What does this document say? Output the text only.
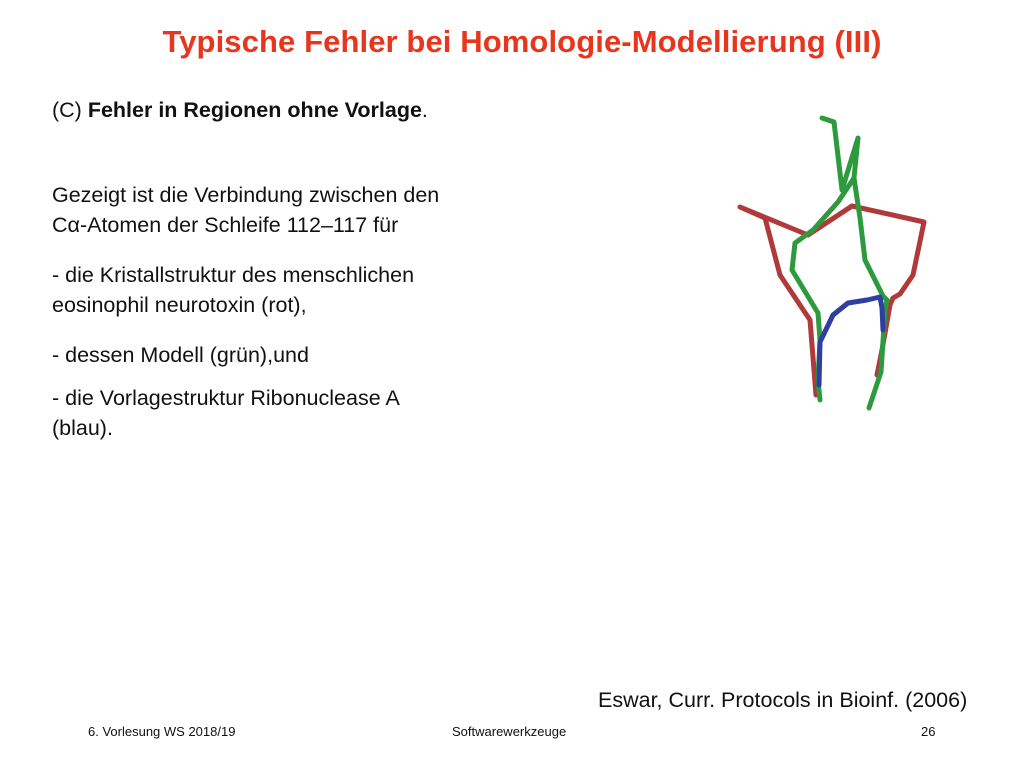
Typische Fehler bei Homologie-Modellierung (III)
(C) Fehler in Regionen ohne Vorlage.
Gezeigt ist die Verbindung zwischen den
Cα-Atomen der Schleife 112–117 für
- die Kristallstruktur des menschlichen
eosinophil neurotoxin (rot),
- dessen Modell (grün),und
- die Vorlagestruktur Ribonuclease A
(blau).
Eswar, Curr. Protocols in Bioinf. (2006)
6. Vorlesung WS 2018/19	Softwarewerkzeuge	26
